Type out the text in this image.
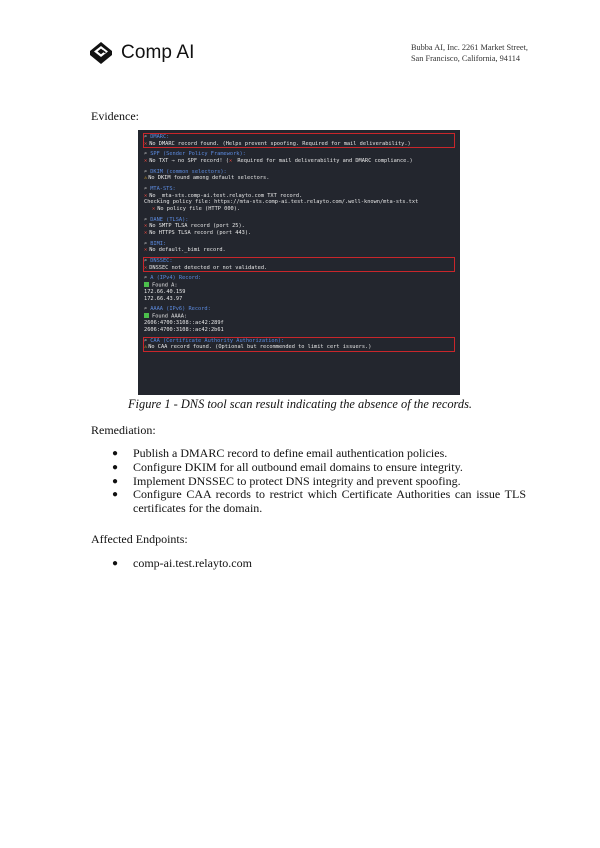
Comp AI	Bubba AI, Inc. 2261 Market Street,
San Francisco, California, 94114
Evidence:
⌕ DMARC:
✕ No DMARC record found. (Helps prevent spoofing. Required for mail deliverability.)
⌕ SPF (Sender Policy Framework):
✕ No TXT → no SPF record! (✕ Required for mail deliverability and DMARC compliance.)
⌕ DKIM (common selectors):
⚠No DKIM found among default selectors.
⌕ MTA-STS:
✕ No _mta-sts.comp-ai.test.relayto.com TXT record.
Checking policy file: https://mta-sts.comp-ai.test.relayto.com/.well-known/mta-sts.txt
✕ No policy file (HTTP 000).
⌕ DANE (TLSA):
✕ No SMTP TLSA record (port 25).
✕ No HTTPS TLSA record (port 443).
⌕ BIMI:
✕ No default._bimi record.
⌕ DNSSEC:
✕ DNSSEC not detected or not validated.
⌕ A (IPv4) Record:
Found A:
172.66.40.159
172.66.43.97
⌕ AAAA (IPv6) Record:
Found AAAA:
2606:4700:3108::ac42:289f
2606:4700:3108::ac42:2b61
⌕ CAA (Certificate Authority Authorization):
⚠No CAA record found. (Optional but recommended to limit cert issuers.)
Figure 1 - DNS tool scan result indicating the absence of the records.
Remediation:
● Publish a DMARC record to define email authentication policies.
● Configure DKIM for all outbound email domains to ensure integrity.
● Implement DNSSEC to protect DNS integrity and prevent spoofing.
● Configure CAA records to restrict which Certificate Authorities can issue TLS certificates for the domain.
Affected Endpoints:
● comp-ai.test.relayto.com
